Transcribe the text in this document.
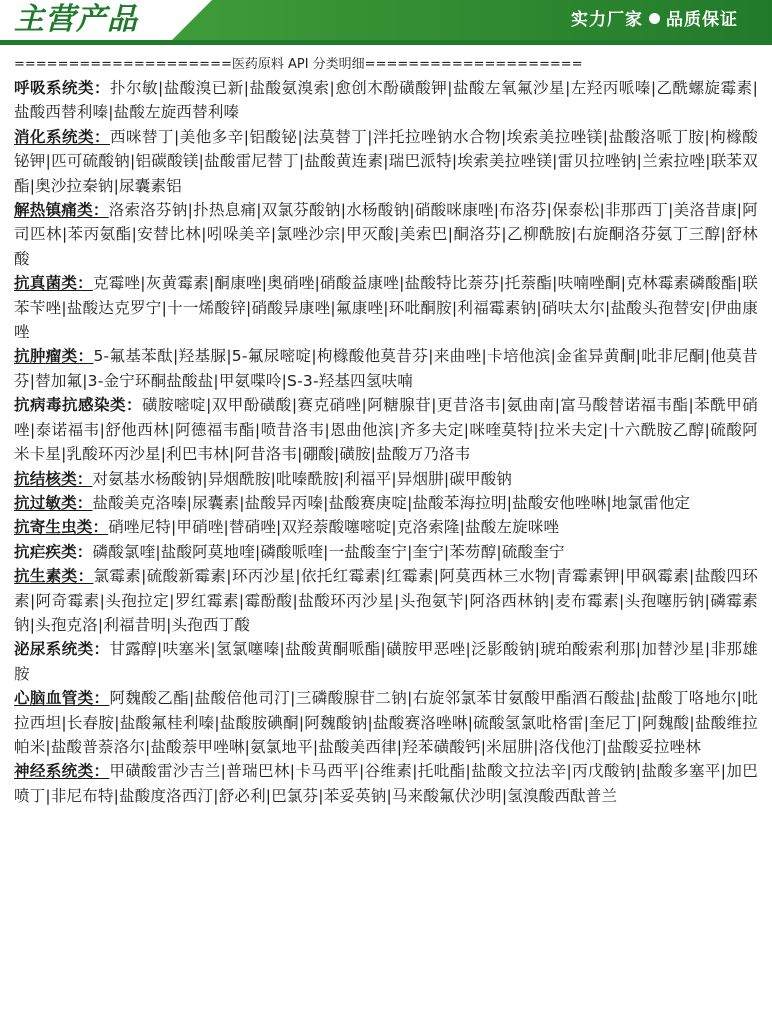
主营产品	实力厂家 品质保证
====================医药原料 API 分类明细====================
呼吸系统类：扑尔敏|盐酸溴已新|盐酸氨溴索|愈创木酚磺酸钾|盐酸左氧氟沙星|左羟丙哌嗪|乙酰螺旋霉素|盐酸西替利嗪|盐酸左旋西替利嗪
消化系统类：西咪替丁|美他多辛|铝酸铋|法莫替丁|泮托拉唑钠水合物|埃索美拉唑镁|盐酸洛哌丁胺|枸橼酸铋钾|匹可硫酸钠|铝碳酸镁|盐酸雷尼替丁|盐酸黄连素|瑞巴派特|埃索美拉唑镁|雷贝拉唑钠|兰索拉唑|联苯双酯|奥沙拉秦钠|尿囊素铝
解热镇痛类：洛索洛芬钠|扑热息痛|双氯芬酸钠|水杨酸钠|硝酸咪康唑|布洛芬|保泰松|非那西丁|美洛昔康|阿司匹林|苯丙氨酯|安替比林|吲哚美辛|氯唑沙宗|甲灭酸|美索巴|酮洛芬|乙柳酰胺|右旋酮洛芬氨丁三醇|舒林酸
抗真菌类：克霉唑|灰黄霉素|酮康唑|奥硝唑|硝酸益康唑|盐酸特比萘芬|托萘酯|呋喃唑酮|克林霉素磷酸酯|联苯苄唑|盐酸达克罗宁|十一烯酸锌|硝酸异康唑|氟康唑|环吡酮胺|利福霉素钠|硝呋太尔|盐酸头孢替安|伊曲康唑
抗肿瘤类：5-氟基苯酞|羟基脲|5-氟尿嘧啶|枸橼酸他莫昔芬|来曲唑|卡培他滨|金雀异黄酮|吡非尼酮|他莫昔芬|替加氟|3-金宁环酮盐酸盐|甲氨喋呤|S-3-羟基四氢呋喃
抗病毒抗感染类：磺胺嘧啶|双甲酚磺酸|赛克硝唑|阿糖腺苷|更昔洛韦|氨曲南|富马酸替诺福韦酯|苯酰甲硝唑|泰诺福韦|舒他西林|阿德福韦酯|喷昔洛韦|恩曲他滨|齐多夫定|咪喹莫特|拉米夫定|十六酰胺乙醇|硫酸阿米卡星|乳酸环丙沙星|利巴韦林|阿昔洛韦|硼酸|磺胺|盐酸万乃洛韦
抗结核类：对氨基水杨酸钠|异烟酰胺|吡嗪酰胺|利福平|异烟肼|碳甲酸钠
抗过敏类：盐酸美克洛嗪|尿囊素|盐酸异丙嗪|盐酸赛庚啶|盐酸苯海拉明|盐酸安他唑啉|地氯雷他定
抗寄生虫类：硝唑尼特|甲硝唑|替硝唑|双羟萘酸噻嘧啶|克洛索隆|盐酸左旋咪唑
抗疟疾类：磷酸氯喹|盐酸阿莫地喹|磷酸哌喹|一盐酸奎宁|奎宁|苯芴醇|硫酸奎宁
抗生素类：氯霉素|硫酸新霉素|环丙沙星|依托红霉素|红霉素|阿莫西林三水物|青霉素钾|甲砜霉素|盐酸四环素|阿奇霉素|头孢拉定|罗红霉素|霉酚酸|盐酸环丙沙星|头孢氨苄|阿洛西林钠|麦布霉素|头孢噻肟钠|磷霉素钠|头孢克洛|利福昔明|头孢西丁酸
泌尿系统类：甘露醇|呋塞米|氢氯噻嗪|盐酸黄酮哌酯|磺胺甲恶唑|泛影酸钠|琥珀酸索利那|加替沙星|非那雄胺
心脑血管类：阿魏酸乙酯|盐酸倍他司汀|三磷酸腺苷二钠|右旋邻氯苯甘氨酸甲酯酒石酸盐|盐酸丁咯地尔|吡拉西坦|长春胺|盐酸氟桂利嗪|盐酸胺碘酮|阿魏酸钠|盐酸赛洛唑啉|硫酸氢氯吡格雷|奎尼丁|阿魏酸|盐酸维拉帕米|盐酸普萘洛尔|盐酸萘甲唑啉|氨氯地平|盐酸美西律|羟苯磺酸钙|米屈肼|洛伐他汀|盐酸妥拉唑林
神经系统类：甲磺酸雷沙吉兰|普瑞巴林|卡马西平|谷维素|托吡酯|盐酸文拉法辛|丙戊酸钠|盐酸多塞平|加巴喷丁|非尼布特|盐酸度洛西汀|舒必利|巴氯芬|苯妥英钠|马来酸氟伏沙明|氢溴酸西酞普兰
